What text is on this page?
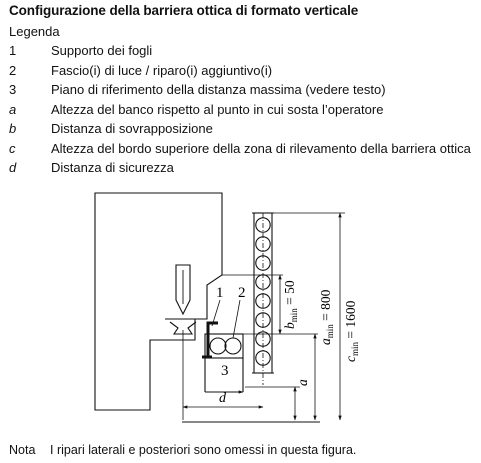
Configurazione della barriera ottica di formato verticale
Legenda
1	Supporto dei fogli
2	Fascio(i) di luce / riparo(i) aggiuntivo(i)
3	Piano di riferimento della distanza massima (vedere testo)
a	Altezza del banco rispetto al punto in cui sosta l’operatore
b	Distanza di sovrapposizione
c	Altezza del bordo superiore della zona di rilevamento della barriera ottica
d	Distanza di sicurezza
1 2
3
$b_{min} = 50$
$a_{min} = 800$
$c_{min} = 1600$
a
d
Nota I ripari laterali e posteriori sono omessi in questa figura.
